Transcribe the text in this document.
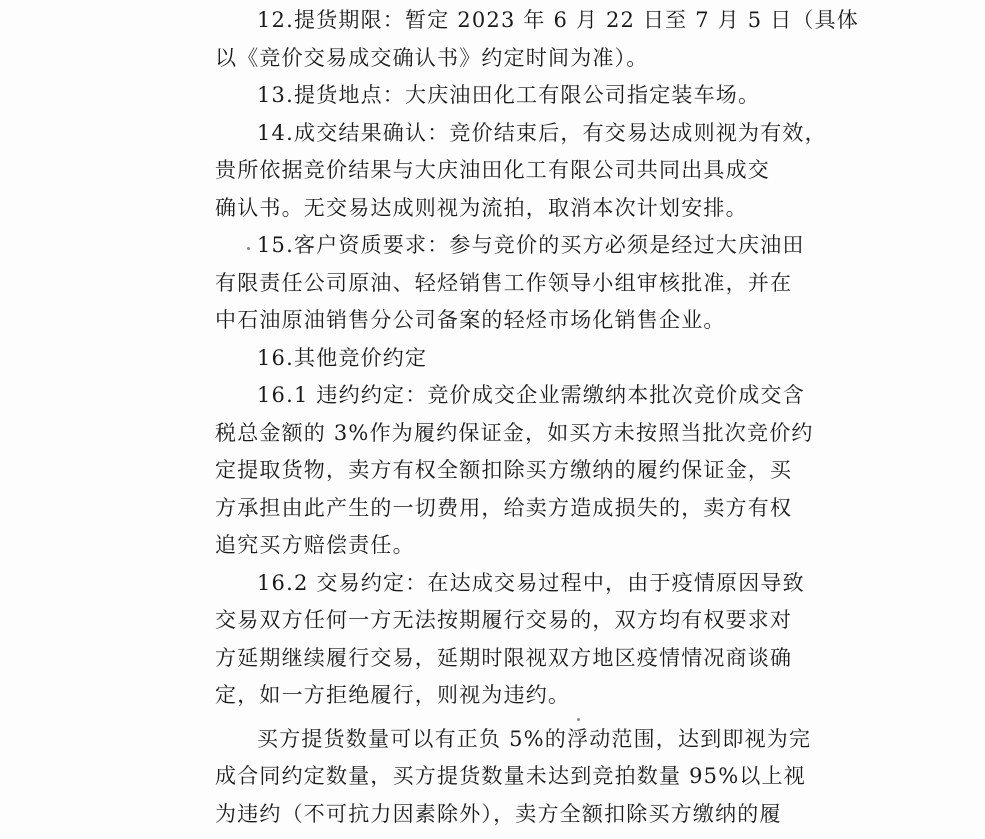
12.提货期限：暂定 2023 年 6 月 22 日至 7 月 5 日（具体
以《竞价交易成交确认书》约定时间为准）。
13.提货地点：大庆油田化工有限公司指定装车场。
14.成交结果确认：竞价结束后，有交易达成则视为有效，
贵所依据竞价结果与大庆油田化工有限公司共同出具成交
确认书。无交易达成则视为流拍，取消本次计划安排。
15.客户资质要求：参与竞价的买方必须是经过大庆油田
有限责任公司原油、轻烃销售工作领导小组审核批准，并在
中石油原油销售分公司备案的轻烃市场化销售企业。
16.其他竞价约定
16.1 违约约定：竞价成交企业需缴纳本批次竞价成交含
税总金额的 3%作为履约保证金，如买方未按照当批次竞价约
定提取货物，卖方有权全额扣除买方缴纳的履约保证金，买
方承担由此产生的一切费用，给卖方造成损失的，卖方有权
追究买方赔偿责任。
16.2 交易约定：在达成交易过程中，由于疫情原因导致
交易双方任何一方无法按期履行交易的，双方均有权要求对
方延期继续履行交易，延期时限视双方地区疫情情况商谈确
定，如一方拒绝履行，则视为违约。
买方提货数量可以有正负 5%的浮动范围，达到即视为完
成合同约定数量，买方提货数量未达到竞拍数量 95%以上视
为违约（不可抗力因素除外），卖方全额扣除买方缴纳的履
